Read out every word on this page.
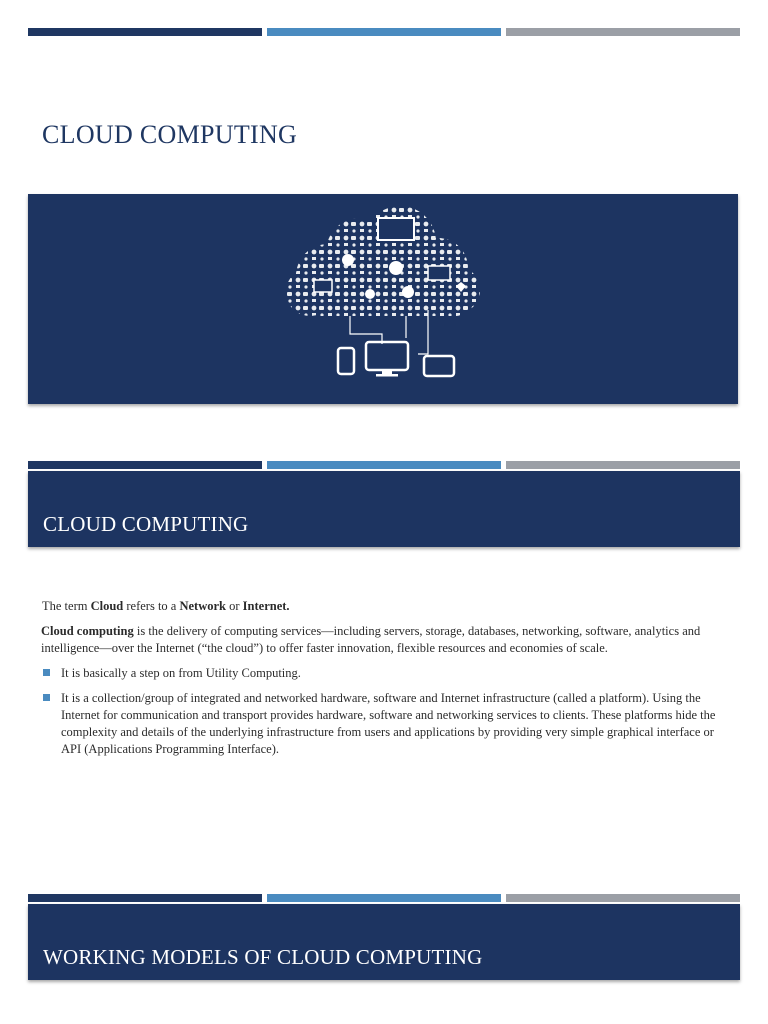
CLOUD COMPUTING
CLOUD COMPUTING

The term Cloud refers to a Network or Internet.

Cloud computing is the delivery of computing services—including servers, storage, databases, networking, software, analytics and intelligence—over the Internet (“the cloud”) to offer faster innovation, flexible resources and economies of scale.

It is basically a step on from Utility Computing.
It is a collection/group of integrated and networked hardware, software and Internet infrastructure (called a platform). Using the Internet for communication and transport provides hardware, software and networking services to clients. These platforms hide the complexity and details of the underlying infrastructure from users and applications by providing very simple graphical interface or API (Applications Programming Interface).
WORKING MODELS OF CLOUD COMPUTING
